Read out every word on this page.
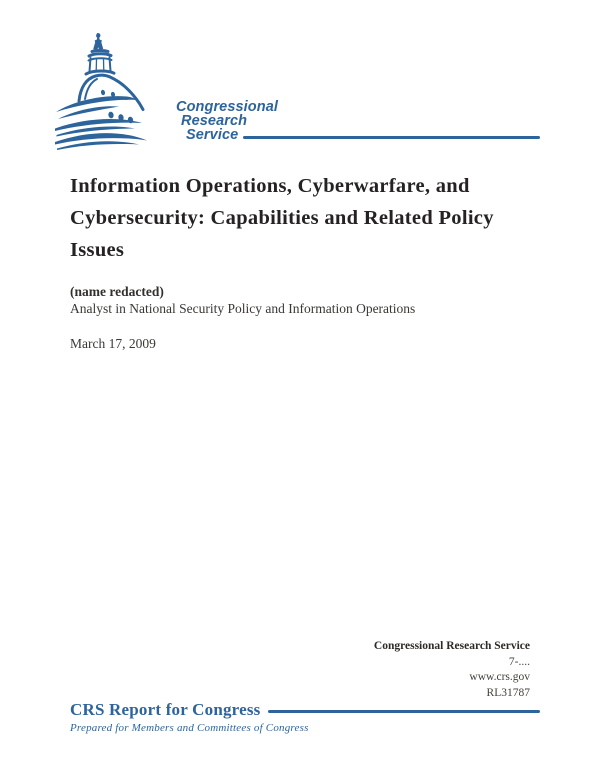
Congressional
Research
Service
Information Operations, Cyberwarfare, and
Cybersecurity: Capabilities and Related Policy
Issues

(name redacted)

Analyst in National Security Policy and Information Operations

March 17, 2009

Congressional Research Service
7-....
www.crs.gov
RL31787
CRS Report for Congress

Prepared for Members and Committees of Congress
